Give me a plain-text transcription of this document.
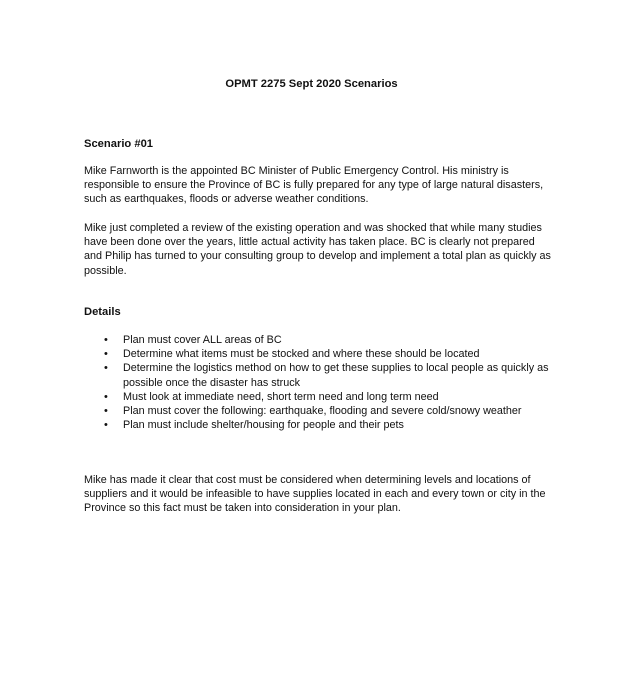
OPMT 2275 Sept 2020 Scenarios
Scenario #01

Mike Farnworth is the appointed BC Minister of Public Emergency Control. His ministry is responsible to ensure the Province of BC is fully prepared for any type of large natural disasters, such as earthquakes, floods or adverse weather conditions.

Mike just completed a review of the existing operation and was shocked that while many studies have been done over the years, little actual activity has taken place. BC is clearly not prepared and Philip has turned to your consulting group to develop and implement a total plan as quickly as possible.

Details
• Plan must cover ALL areas of BC
• Determine what items must be stocked and where these should be located
• Determine the logistics method on how to get these supplies to local people as quickly as possible once the disaster has struck
• Must look at immediate need, short term need and long term need
• Plan must cover the following: earthquake, flooding and severe cold/snowy weather
• Plan must include shelter/housing for people and their pets

Mike has made it clear that cost must be considered when determining levels and locations of suppliers and it would be infeasible to have supplies located in each and every town or city in the Province so this fact must be taken into consideration in your plan.
